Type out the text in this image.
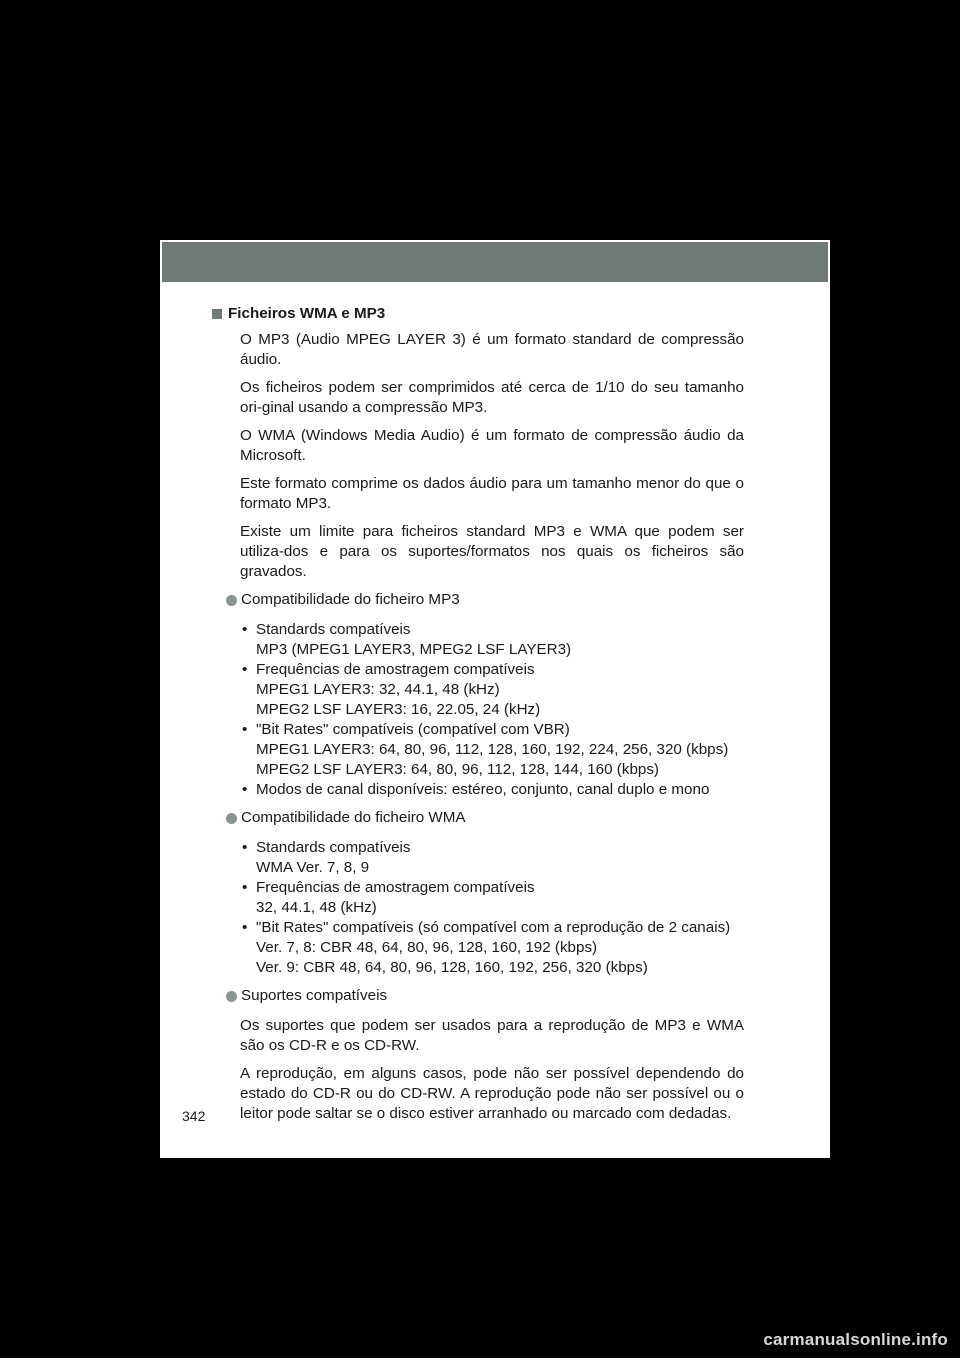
Ficheiros WMA e MP3

O MP3 (Audio MPEG LAYER 3) é um formato standard de compressão áudio.

Os ficheiros podem ser comprimidos até cerca de 1/10 do seu tamanho ori-ginal usando a compressão MP3.

O WMA (Windows Media Audio) é um formato de compressão áudio da Microsoft.

Este formato comprime os dados áudio para um tamanho menor do que o formato MP3.

Existe um limite para ficheiros standard MP3 e WMA que podem ser utiliza-dos e para os suportes/formatos nos quais os ficheiros são gravados.

Compatibilidade do ficheiro MP3
• Standards compatíveis
MP3 (MPEG1 LAYER3, MPEG2 LSF LAYER3)
• Frequências de amostragem compatíveis
MPEG1 LAYER3: 32, 44.1, 48 (kHz)
MPEG2 LSF LAYER3: 16, 22.05, 24 (kHz)
• "Bit Rates" compatíveis (compatível com VBR)
MPEG1 LAYER3: 64, 80, 96, 112, 128, 160, 192, 224, 256, 320 (kbps)
MPEG2 LSF LAYER3: 64, 80, 96, 112, 128, 144, 160 (kbps)
• Modos de canal disponíveis: estéreo, conjunto, canal duplo e mono
Compatibilidade do ficheiro WMA
• Standards compatíveis
WMA Ver. 7, 8, 9
• Frequências de amostragem compatíveis
32, 44.1, 48 (kHz)
• "Bit Rates" compatíveis (só compatível com a reprodução de 2 canais)
Ver. 7, 8: CBR 48, 64, 80, 96, 128, 160, 192 (kbps)
Ver. 9: CBR 48, 64, 80, 96, 128, 160, 192, 256, 320 (kbps)
Suportes compatíveis

Os suportes que podem ser usados para a reprodução de MP3 e WMA são os CD-R e os CD-RW.

A reprodução, em alguns casos, pode não ser possível dependendo do estado do CD-R ou do CD-RW. A reprodução pode não ser possível ou o leitor pode saltar se o disco estiver arranhado ou marcado com dedadas.

342
carmanualsonline.info
